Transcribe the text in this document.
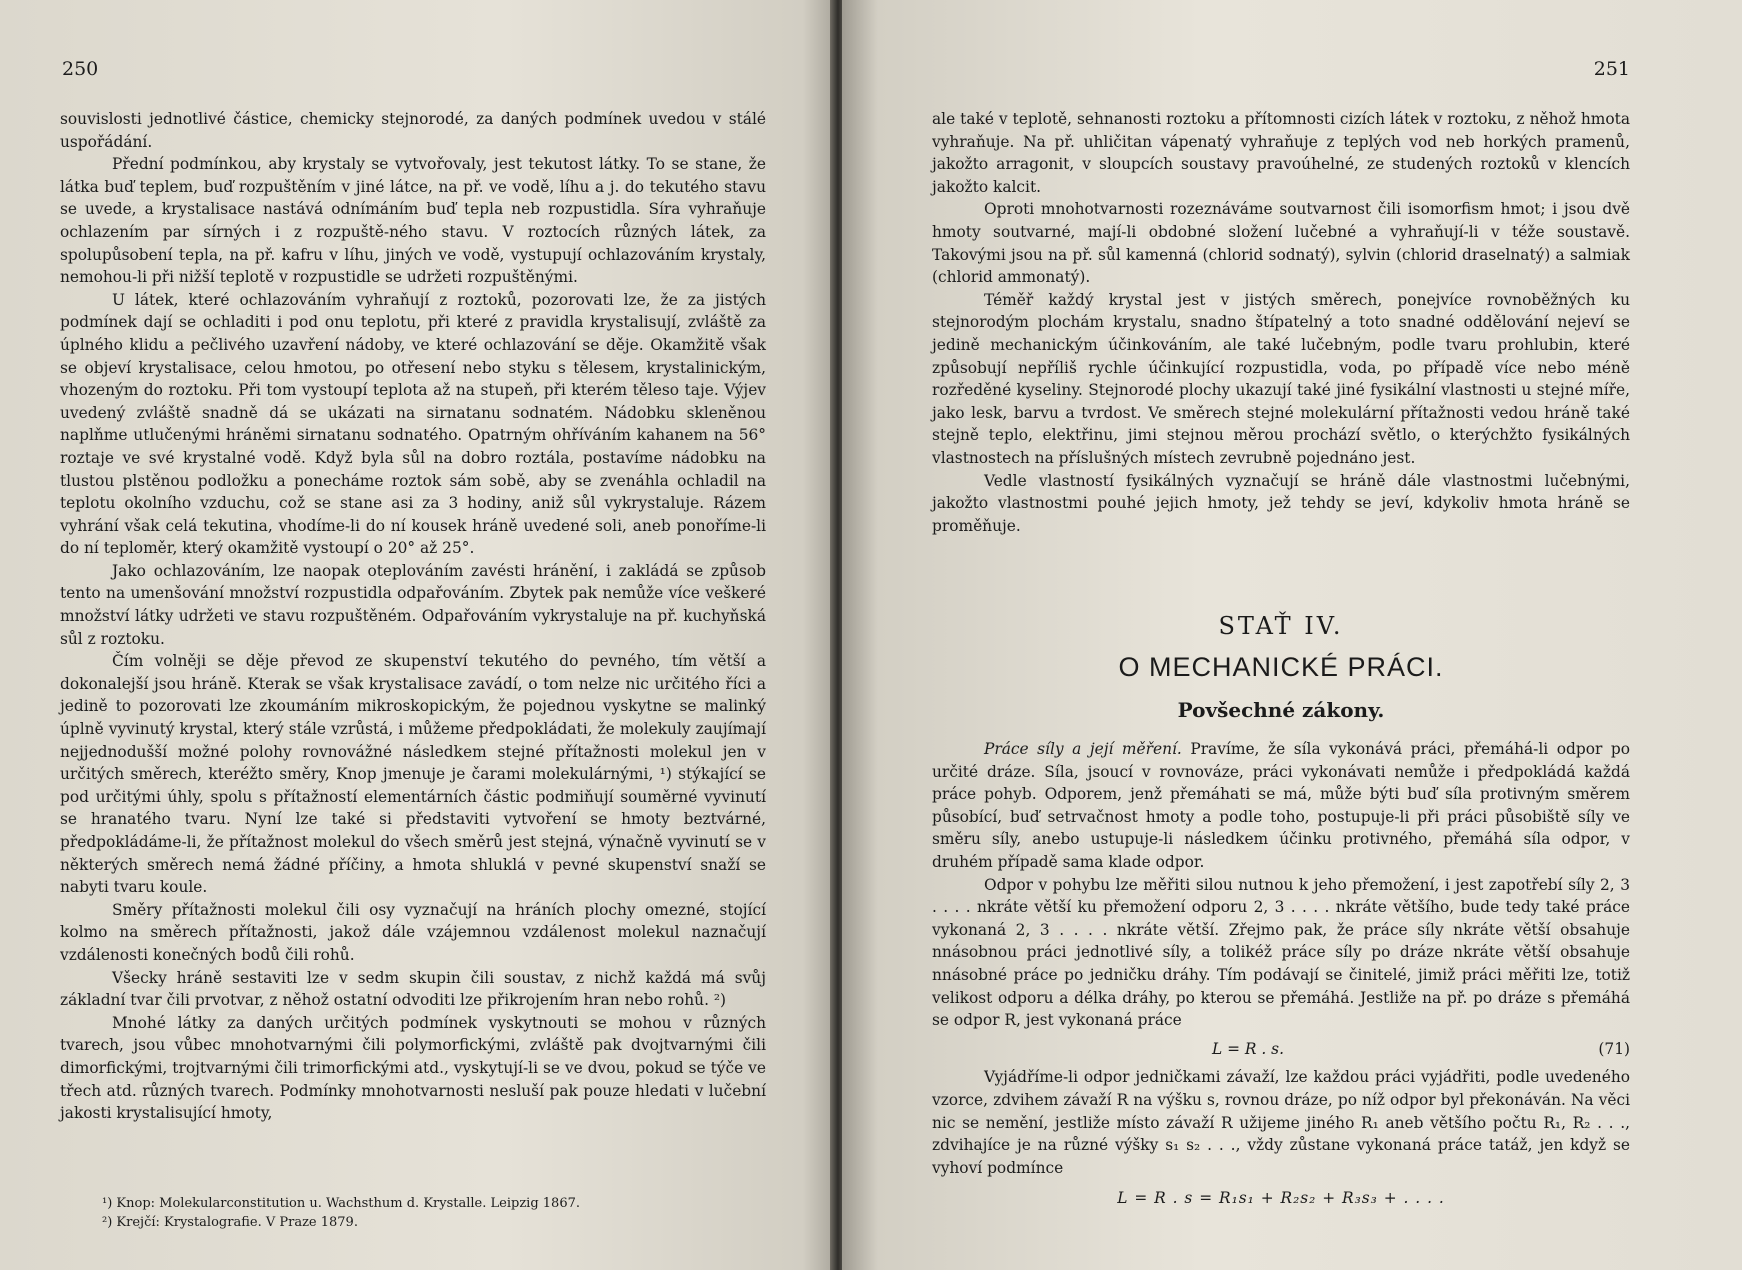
250

souvislosti jednotlivé částice, chemicky stejnorodé, za daných podmínek uvedou v stálé uspořádání.

Přední podmínkou, aby krystaly se vytvořovaly, jest tekutost látky. To se stane, že látka buď teplem, buď rozpuštěním v jiné látce, na př. ve vodě, líhu a j. do tekutého stavu se uvede, a krystalisace nastává odnímáním buď tepla neb rozpustidla. Síra vyhraňuje ochlazením par sírných i z rozpuště-ného stavu. V roztocích různých látek, za spolupůsobení tepla, na př. kafru v líhu, jiných ve vodě, vystupují ochlazováním krystaly, nemohou-li při nižší teplotě v rozpustidle se udržeti rozpuštěnými.

U látek, které ochlazováním vyhraňují z roztoků, pozorovati lze, že za jistých podmínek dají se ochladiti i pod onu teplotu, při které z pravidla krystalisují, zvláště za úplného klidu a pečlivého uzavření nádoby, ve které ochlazování se děje. Okamžitě však se objeví krystalisace, celou hmotou, po otřesení nebo styku s tělesem, krystalinickým, vhozeným do roztoku. Při tom vystoupí teplota až na stupeň, při kterém těleso taje. Výjev uvedený zvláště snadně dá se ukázati na sirnatanu sodnatém. Nádobku skleněnou naplňme utlučenými hráněmi sirnatanu sodnatého. Opatrným ohříváním kahanem na 56° roztaje ve své krystalné vodě. Když byla sůl na dobro roztála, postavíme nádobku na tlustou plstěnou podložku a ponecháme roztok sám sobě, aby se zvenáhla ochladil na teplotu okolního vzduchu, což se stane asi za 3 hodiny, aniž sůl vykrystaluje. Rázem vyhrání však celá tekutina, vhodíme-li do ní kousek hráně uvedené soli, aneb ponoříme-li do ní teploměr, který okamžitě vystoupí o 20° až 25°.

Jako ochlazováním, lze naopak oteplováním zavésti hránění, i zakládá se způsob tento na umenšování množství rozpustidla odpařováním. Zbytek pak nemůže více veškeré množství látky udržeti ve stavu rozpuštěném. Odpařováním vykrystaluje na př. kuchyňská sůl z roztoku.

Čím volněji se děje převod ze skupenství tekutého do pevného, tím větší a dokonalejší jsou hráně. Kterak se však krystalisace zavádí, o tom nelze nic určitého říci a jedině to pozorovati lze zkoumáním mikroskopickým, že pojednou vyskytne se malinký úplně vyvinutý krystal, který stále vzrůstá, i můžeme předpokládati, že molekuly zaujímají nejjednodušší možné polohy rovnovážné následkem stejné přítažnosti molekul jen v určitých směrech, kteréžto směry, Knop jmenuje je čarami molekulárnými, ¹) stýkající se pod určitými úhly, spolu s přítažností elementárních částic podmiňují souměrné vyvinutí se hranatého tvaru. Nyní lze také si představiti vytvoření se hmoty beztvárné, předpokládáme-li, že přítažnost molekul do všech směrů jest stejná, výnačně vyvinutí se v některých směrech nemá žádné příčiny, a hmota shluklá v pevné skupenství snaží se nabyti tvaru koule.

Směry přítažnosti molekul čili osy vyznačují na hráních plochy omezné, stojící kolmo na směrech přítažnosti, jakož dále vzájemnou vzdálenost molekul naznačují vzdálenosti konečných bodů čili rohů.

Všecky hráně sestaviti lze v sedm skupin čili soustav, z nichž každá má svůj základní tvar čili prvotvar, z něhož ostatní odvoditi lze přikrojením hran nebo rohů. ²)

Mnohé látky za daných určitých podmínek vyskytnouti se mohou v různých tvarech, jsou vůbec mnohotvarnými čili polymorfickými, zvláště pak dvojtvarnými čili dimorfickými, trojtvarnými čili trimorfickými atd., vyskytují-li se ve dvou, pokud se týče ve třech atd. různých tvarech. Podmínky mnohotvarnosti nesluší pak pouze hledati v lučební jakosti krystalisující hmoty,

¹) Knop: Molekularconstitution u. Wachsthum d. Krystalle. Leipzig 1867.

²) Krejčí: Krystalografie. V Praze 1879.

251

ale také v teplotě, sehnanosti roztoku a přítomnosti cizích látek v roztoku, z něhož hmota vyhraňuje. Na př. uhličitan vápenatý vyhraňuje z teplých vod neb horkých pramenů, jakožto arragonit, v sloupcích soustavy pravoúhelné, ze studených roztoků v klencích jakožto kalcit.

Oproti mnohotvarnosti rozeznáváme soutvarnost čili isomorfism hmot; i jsou dvě hmoty soutvarné, mají-li obdobné složení lučebné a vyhraňují-li v téže soustavě. Takovými jsou na př. sůl kamenná (chlorid sodnatý), sylvin (chlorid draselnatý) a salmiak (chlorid ammonatý).

Téměř každý krystal jest v jistých směrech, ponejvíce rovnoběžných ku stejnorodým plochám krystalu, snadno štípatelný a toto snadné oddělování nejeví se jedině mechanickým účinkováním, ale také lučebným, podle tvaru prohlubin, které způsobují nepříliš rychle účinkující rozpustidla, voda, po případě více nebo méně rozředěné kyseliny. Stejnorodé plochy ukazují také jiné fysikální vlastnosti u stejné míře, jako lesk, barvu a tvrdost. Ve směrech stejné molekulární přítažnosti vedou hráně také stejně teplo, elektřinu, jimi stejnou měrou prochází světlo, o kterýchžto fysikálných vlastnostech na příslušných místech zevrubně pojednáno jest.

Vedle vlastností fysikálných vyznačují se hráně dále vlastnostmi lučebnými, jakožto vlastnostmi pouhé jejich hmoty, jež tehdy se jeví, kdykoliv hmota hráně se proměňuje.

STAŤ IV.
O MECHANICKÉ PRÁCI.
Povšechné zákony.

Práce síly a její měření. Pravíme, že síla vykonává práci, přemáhá-li odpor po určité dráze. Síla, jsoucí v rovnováze, práci vykonávati nemůže i předpokládá každá práce pohyb. Odporem, jenž přemáhati se má, může býti buď síla protivným směrem působící, buď setrvačnost hmoty a podle toho, postupuje-li při práci působiště síly ve směru síly, anebo ustupuje-li následkem účinku protivného, přemáhá síla odpor, v druhém případě sama klade odpor.

Odpor v pohybu lze měřiti silou nutnou k jeho přemožení, i jest zapotřebí síly 2, 3 . . . . nkráte větší ku přemožení odporu 2, 3 . . . . nkráte většího, bude tedy také práce vykonaná 2, 3 . . . . nkráte větší. Zřejmo pak, že práce síly nkráte větší obsahuje nnásobnou práci jednotlivé síly, a tolikéž práce síly po dráze nkráte větší obsahuje nnásobné práce po jedničku dráhy. Tím podávají se činitelé, jimiž práci měřiti lze, totiž velikost odporu a délka dráhy, po kterou se přemáhá. Jestliže na př. po dráze s přemáhá se odpor R, jest vykonaná práce

L = R . s.	(71)

Vyjádříme-li odpor jedničkami závaží, lze každou práci vyjádřiti, podle uvedeného vzorce, zdvihem závaží R na výšku s, rovnou dráze, po níž odpor byl překonáván. Na věci nic se nemění, jestliže místo závaží R užijeme jiného R₁ aneb většího počtu R₁, R₂ . . ., zdvihajíce je na různé výšky s₁ s₂ . . ., vždy zůstane vykonaná práce tatáž, jen když se vyhoví podmínce

L = R . s = R₁s₁ + R₂s₂ + R₃s₃ + . . . .
